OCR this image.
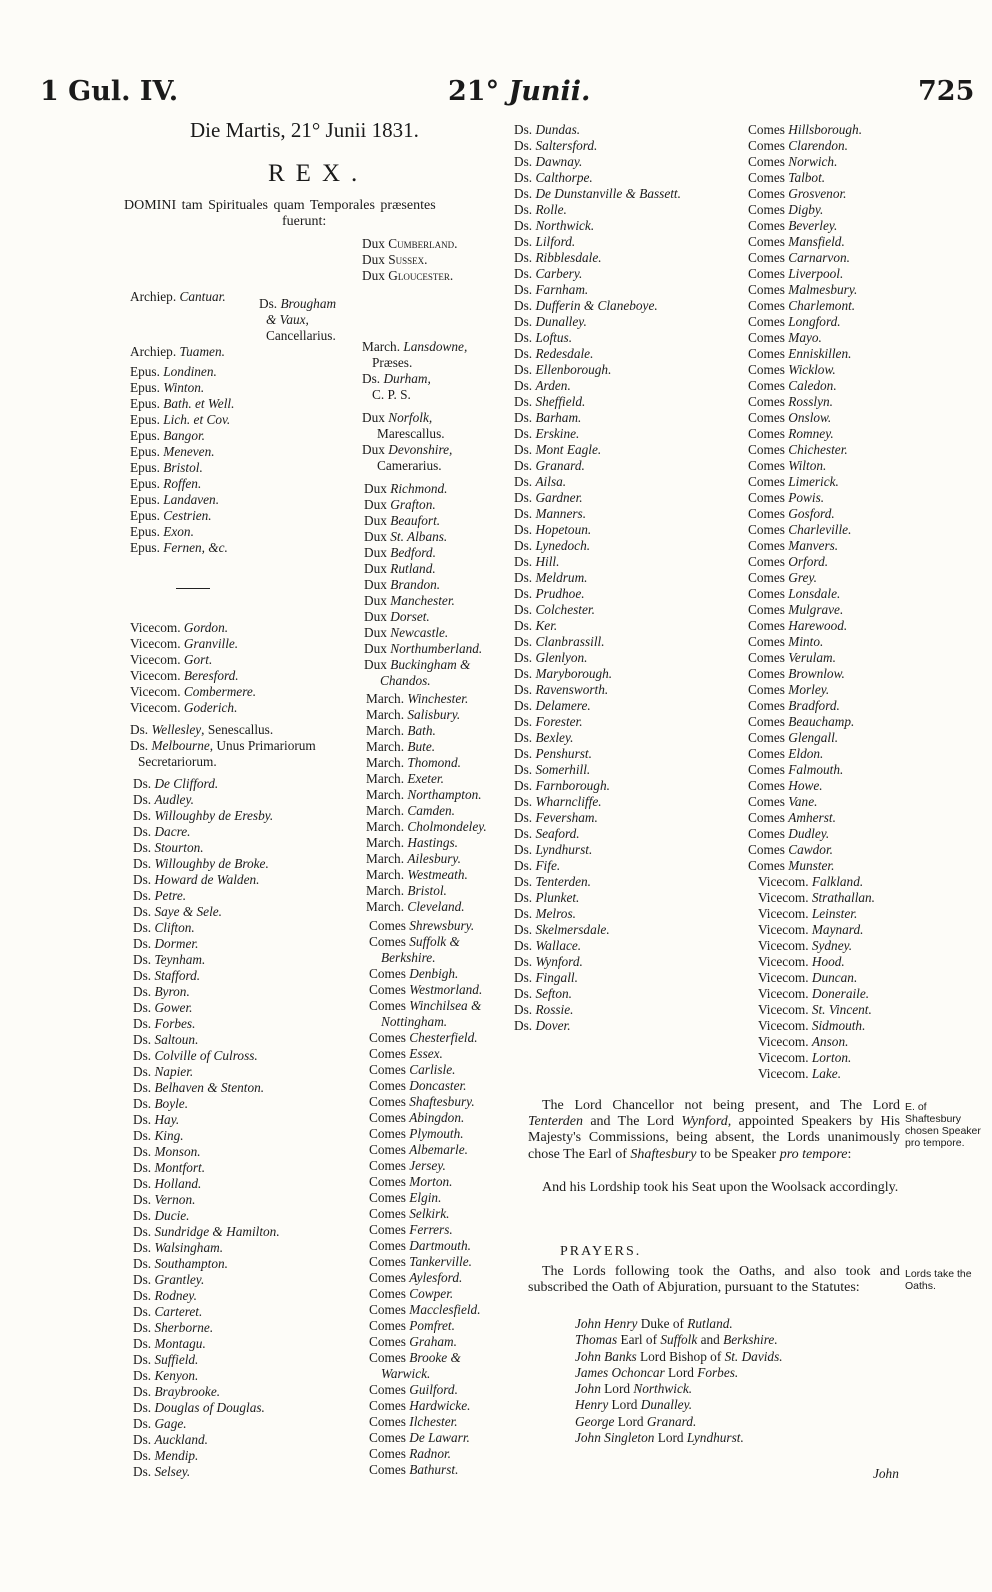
1 Gul. IV.	21° Junii.	725
Die Martis, 21° Junii 1831.
REX.
DOMINI tam Spirituales quam Temporales præsentes
fuerunt:
Archiep. Cantuar.	Ds. Brougham
& Vaux,
Cancellarius.
Archiep. Tuamen.
Epus. Londinen.
Epus. Winton.
Epus. Bath. et Well.
Epus. Lich. et Cov.
Epus. Bangor.
Epus. Meneven.
Epus. Bristol.
Epus. Roffen.
Epus. Landaven.
Epus. Cestrien.
Epus. Exon.
Epus. Fernen, &c.
Vicecom. Gordon.
Vicecom. Granville.
Vicecom. Gort.
Vicecom. Beresford.
Vicecom. Combermere.
Vicecom. Goderich.
Ds. Wellesley, Senescallus.
Ds. Melbourne, Unus Primariorum
Secretariorum.
Ds. De Clifford.
Ds. Audley.
Ds. Willoughby de Eresby.
Ds. Dacre.
Ds. Stourton.
Ds. Willoughby de Broke.
Ds. Howard de Walden.
Ds. Petre.
Ds. Saye & Sele.
Ds. Clifton.
Ds. Dormer.
Ds. Teynham.
Ds. Stafford.
Ds. Byron.
Ds. Gower.
Ds. Forbes.
Ds. Saltoun.
Ds. Colville of Culross.
Ds. Napier.
Ds. Belhaven & Stenton.
Ds. Boyle.
Ds. Hay.
Ds. King.
Ds. Monson.
Ds. Montfort.
Ds. Holland.
Ds. Vernon.
Ds. Ducie.
Ds. Sundridge & Hamilton.
Ds. Walsingham.
Ds. Southampton.
Ds. Grantley.
Ds. Rodney.
Ds. Carteret.
Ds. Sherborne.
Ds. Montagu.
Ds. Suffield.
Ds. Kenyon.
Ds. Braybrooke.
Ds. Douglas of Douglas.
Ds. Gage.
Ds. Auckland.
Ds. Mendip.
Ds. Selsey.
Dux Cumberland.
Dux Sussex.
Dux Gloucester.
March. Lansdowne,
Præses.
Ds. Durham,
C. P. S.
Dux Norfolk,
Marescallus.
Dux Devonshire,
Camerarius.
Dux Richmond.
Dux Grafton.
Dux Beaufort.
Dux St. Albans.
Dux Bedford.
Dux Rutland.
Dux Brandon.
Dux Manchester.
Dux Dorset.
Dux Newcastle.
Dux Northumberland.
Dux Buckingham &
Chandos.
March. Winchester.
March. Salisbury.
March. Bath.
March. Bute.
March. Thomond.
March. Exeter.
March. Northampton.
March. Camden.
March. Cholmondeley.
March. Hastings.
March. Ailesbury.
March. Westmeath.
March. Bristol.
March. Cleveland.
Comes Shrewsbury.
Comes Suffolk &
Berkshire.
Comes Denbigh.
Comes Westmorland.
Comes Winchilsea &
Nottingham.
Comes Chesterfield.
Comes Essex.
Comes Carlisle.
Comes Doncaster.
Comes Shaftesbury.
Comes Abingdon.
Comes Plymouth.
Comes Albemarle.
Comes Jersey.
Comes Morton.
Comes Elgin.
Comes Selkirk.
Comes Ferrers.
Comes Dartmouth.
Comes Tankerville.
Comes Aylesford.
Comes Cowper.
Comes Macclesfield.
Comes Pomfret.
Comes Graham.
Comes Brooke &
Warwick.
Comes Guilford.
Comes Hardwicke.
Comes Ilchester.
Comes De Lawarr.
Comes Radnor.
Comes Bathurst.
Ds. Dundas.
Ds. Saltersford.
Ds. Dawnay.
Ds. Calthorpe.
Ds. De Dunstanville & Bassett.
Ds. Rolle.
Ds. Northwick.
Ds. Lilford.
Ds. Ribblesdale.
Ds. Carbery.
Ds. Farnham.
Ds. Dufferin & Claneboye.
Ds. Dunalley.
Ds. Loftus.
Ds. Redesdale.
Ds. Ellenborough.
Ds. Arden.
Ds. Sheffield.
Ds. Barham.
Ds. Erskine.
Ds. Mont Eagle.
Ds. Granard.
Ds. Ailsa.
Ds. Gardner.
Ds. Manners.
Ds. Hopetoun.
Ds. Lynedoch.
Ds. Hill.
Ds. Meldrum.
Ds. Prudhoe.
Ds. Colchester.
Ds. Ker.
Ds. Clanbrassill.
Ds. Glenlyon.
Ds. Maryborough.
Ds. Ravensworth.
Ds. Delamere.
Ds. Forester.
Ds. Bexley.
Ds. Penshurst.
Ds. Somerhill.
Ds. Farnborough.
Ds. Wharncliffe.
Ds. Feversham.
Ds. Seaford.
Ds. Lyndhurst.
Ds. Fife.
Ds. Tenterden.
Ds. Plunket.
Ds. Melros.
Ds. Skelmersdale.
Ds. Wallace.
Ds. Wynford.
Ds. Fingall.
Ds. Sefton.
Ds. Rossie.
Ds. Dover.
Comes Hillsborough.
Comes Clarendon.
Comes Norwich.
Comes Talbot.
Comes Grosvenor.
Comes Digby.
Comes Beverley.
Comes Mansfield.
Comes Carnarvon.
Comes Liverpool.
Comes Malmesbury.
Comes Charlemont.
Comes Longford.
Comes Mayo.
Comes Enniskillen.
Comes Wicklow.
Comes Caledon.
Comes Rosslyn.
Comes Onslow.
Comes Romney.
Comes Chichester.
Comes Wilton.
Comes Limerick.
Comes Powis.
Comes Gosford.
Comes Charleville.
Comes Manvers.
Comes Orford.
Comes Grey.
Comes Lonsdale.
Comes Mulgrave.
Comes Harewood.
Comes Minto.
Comes Verulam.
Comes Brownlow.
Comes Morley.
Comes Bradford.
Comes Beauchamp.
Comes Glengall.
Comes Eldon.
Comes Falmouth.
Comes Howe.
Comes Vane.
Comes Amherst.
Comes Dudley.
Comes Cawdor.
Comes Munster.
Vicecom. Falkland.
Vicecom. Strathallan.
Vicecom. Leinster.
Vicecom. Maynard.
Vicecom. Sydney.
Vicecom. Hood.
Vicecom. Duncan.
Vicecom. Doneraile.
Vicecom. St. Vincent.
Vicecom. Sidmouth.
Vicecom. Anson.
Vicecom. Lorton.
Vicecom. Lake.
The Lord Chancellor not being present, and The Lord Tenterden and The Lord Wynford, appointed Speakers by His Majesty's Commissions, being absent, the Lords unanimously chose The Earl of Shaftesbury to be Speaker pro tempore:
And his Lordship took his Seat upon the Woolsack accordingly.
E. of Shaftesbury chosen Speaker pro tempore.
PRAYERS.
The Lords following took the Oaths, and also took and subscribed the Oath of Abjuration, pursuant to the Statutes:
Lords take the Oaths.
John Henry Duke of Rutland.
Thomas Earl of Suffolk and Berkshire.
John Banks Lord Bishop of St. Davids.
James Ochoncar Lord Forbes.
John Lord Northwick.
Henry Lord Dunalley.
George Lord Granard.
John Singleton Lord Lyndhurst.
John
